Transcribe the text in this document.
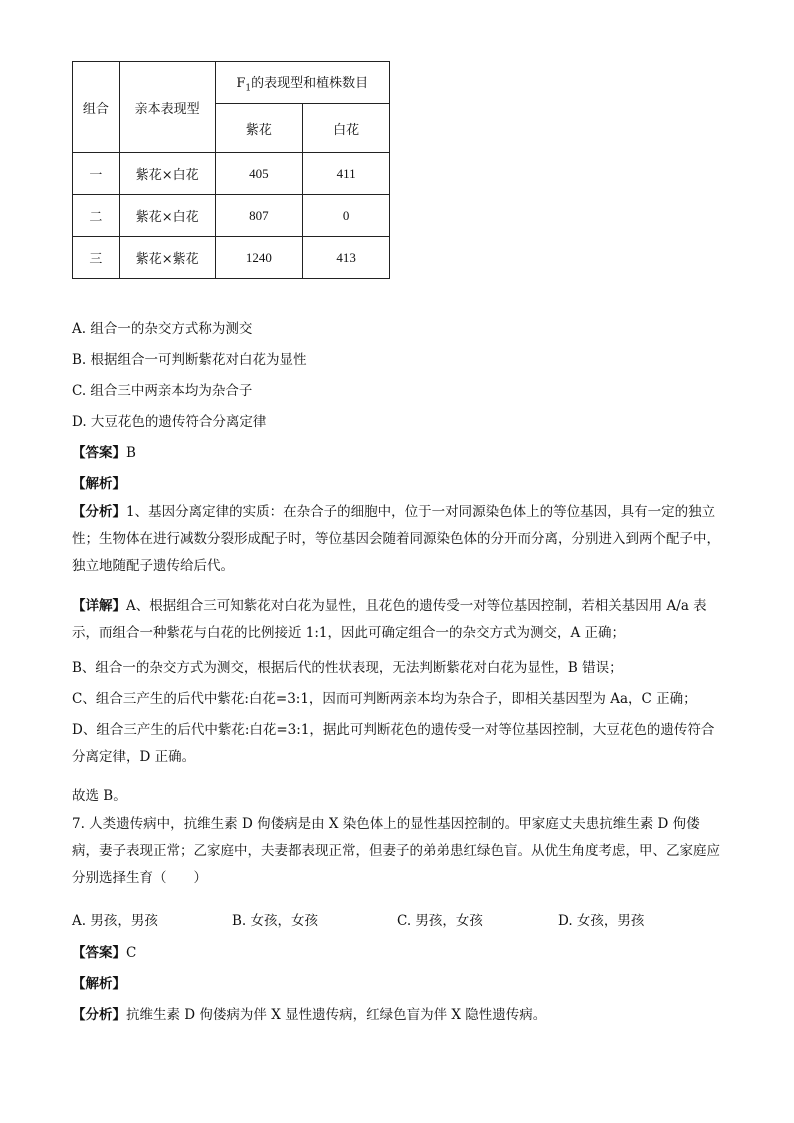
组合	亲本表现型	$F_1$的表现型和植株数目	
		紫花	白花
一	紫花×白花	405	411
二	紫花×白花	807	0
三	紫花×紫花	1240	413
A. 组合一的杂交方式称为测交
B. 根据组合一可判断紫花对白花为显性
C. 组合三中两亲本均为杂合子
D. 大豆花色的遗传符合分离定律
【答案】B
【解析】
【分析】1、基因分离定律的实质：在杂合子的细胞中，位于一对同源染色体上的等位基因，具有一定的独立性；生物体在进行减数分裂形成配子时，等位基因会随着同源染色体的分开而分离，分别进入到两个配子中，独立地随配子遗传给后代。
【详解】A、根据组合三可知紫花对白花为显性，且花色的遗传受一对等位基因控制，若相关基因用 A/a 表示，而组合一种紫花与白花的比例接近 1:1，因此可确定组合一的杂交方式为测交，A 正确；
B、组合一的杂交方式为测交，根据后代的性状表现，无法判断紫花对白花为显性，B 错误；
C、组合三产生的后代中紫花:白花=3:1，因而可判断两亲本均为杂合子，即相关基因型为 Aa，C 正确；
D、组合三产生的后代中紫花:白花=3:1，据此可判断花色的遗传受一对等位基因控制，大豆花色的遗传符合分离定律，D 正确。
故选 B。
7. 人类遗传病中，抗维生素 D 佝偻病是由 X 染色体上的显性基因控制的。甲家庭丈夫患抗维生素 D 佝偻病，妻子表现正常；乙家庭中，夫妻都表现正常，但妻子的弟弟患红绿色盲。从优生角度考虑，甲、乙家庭应分别选择生育（　　）
A. 男孩，男孩	B. 女孩，女孩	C. 男孩，女孩	D. 女孩，男孩
【答案】C
【解析】
【分析】抗维生素 D 佝偻病为伴 X 显性遗传病，红绿色盲为伴 X 隐性遗传病。
